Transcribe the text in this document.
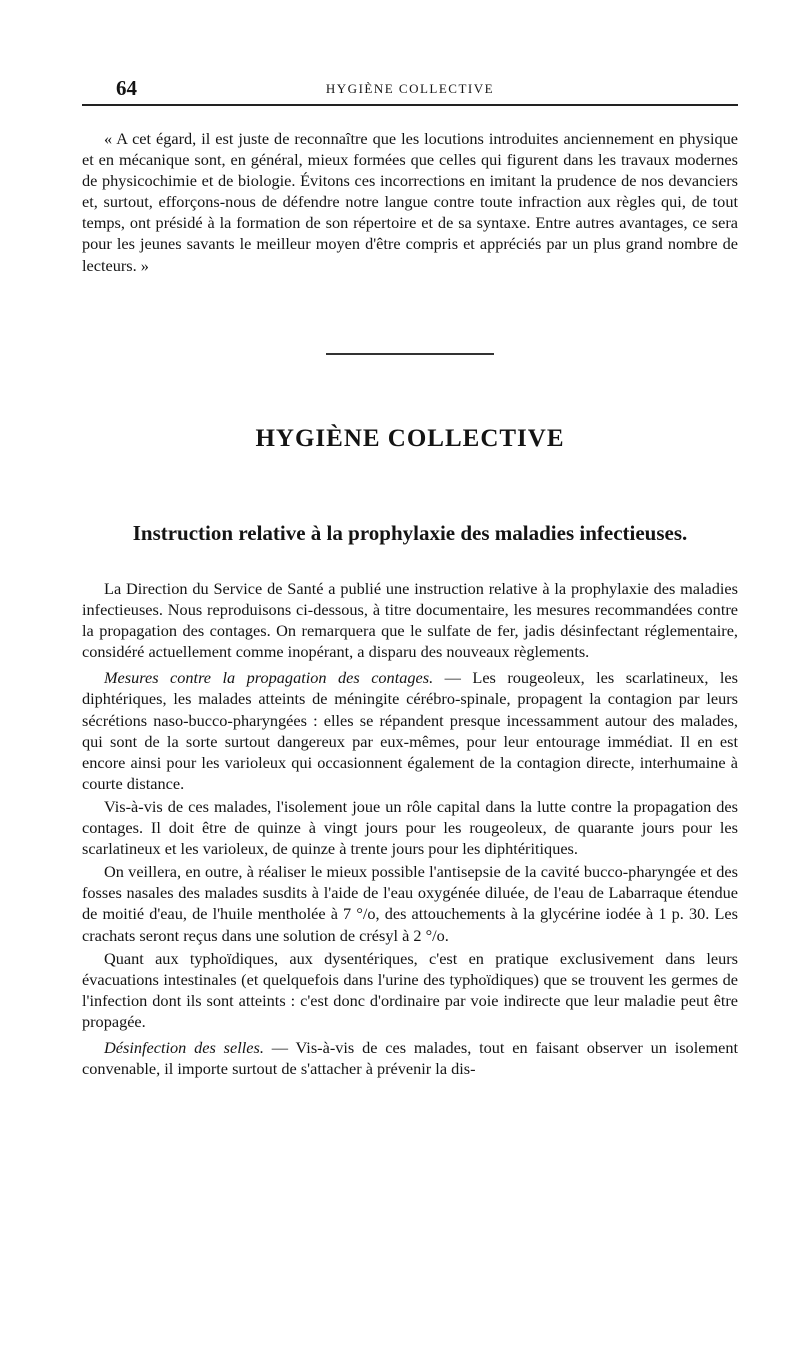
64	HYGIÈNE COLLECTIVE

« A cet égard, il est juste de reconnaître que les locutions introduites anciennement en physique et en mécanique sont, en général, mieux formées que celles qui figurent dans les travaux modernes de physicochimie et de biologie. Évitons ces incorrections en imitant la prudence de nos devanciers et, surtout, efforçons-nous de défendre notre langue contre toute infraction aux règles qui, de tout temps, ont présidé à la formation de son répertoire et de sa syntaxe. Entre autres avantages, ce sera pour les jeunes savants le meilleur moyen d'être compris et appréciés par un plus grand nombre de lecteurs. »

HYGIÈNE COLLECTIVE
Instruction relative à la prophylaxie des maladies infectieuses.

La Direction du Service de Santé a publié une instruction relative à la prophylaxie des maladies infectieuses. Nous reproduisons ci-dessous, à titre documentaire, les mesures recommandées contre la propagation des contages. On remarquera que le sulfate de fer, jadis désinfectant réglementaire, considéré actuellement comme inopérant, a disparu des nouveaux règlements.

Mesures contre la propagation des contages. — Les rougeoleux, les scarlatineux, les diphtériques, les malades atteints de méningite cérébro-spinale, propagent la contagion par leurs sécrétions naso-bucco-pharyngées : elles se répandent presque incessamment autour des malades, qui sont de la sorte surtout dangereux par eux-mêmes, pour leur entourage immédiat. Il en est encore ainsi pour les varioleux qui occasionnent également de la contagion directe, interhumaine à courte distance.

Vis-à-vis de ces malades, l'isolement joue un rôle capital dans la lutte contre la propagation des contages. Il doit être de quinze à vingt jours pour les rougeoleux, de quarante jours pour les scarlatineux et les varioleux, de quinze à trente jours pour les diphtéritiques.

On veillera, en outre, à réaliser le mieux possible l'antisepsie de la cavité bucco-pharyngée et des fosses nasales des malades susdits à l'aide de l'eau oxygénée diluée, de l'eau de Labarraque étendue de moitié d'eau, de l'huile mentholée à 7 °/o, des attouchements à la glycérine iodée à 1 p. 30. Les crachats seront reçus dans une solution de crésyl à 2 °/o.

Quant aux typhoïdiques, aux dysentériques, c'est en pratique exclusivement dans leurs évacuations intestinales (et quelquefois dans l'urine des typhoïdiques) que se trouvent les germes de l'infection dont ils sont atteints : c'est donc d'ordinaire par voie indirecte que leur maladie peut être propagée.

Désinfection des selles. — Vis-à-vis de ces malades, tout en faisant observer un isolement convenable, il importe surtout de s'attacher à prévenir la dis-
